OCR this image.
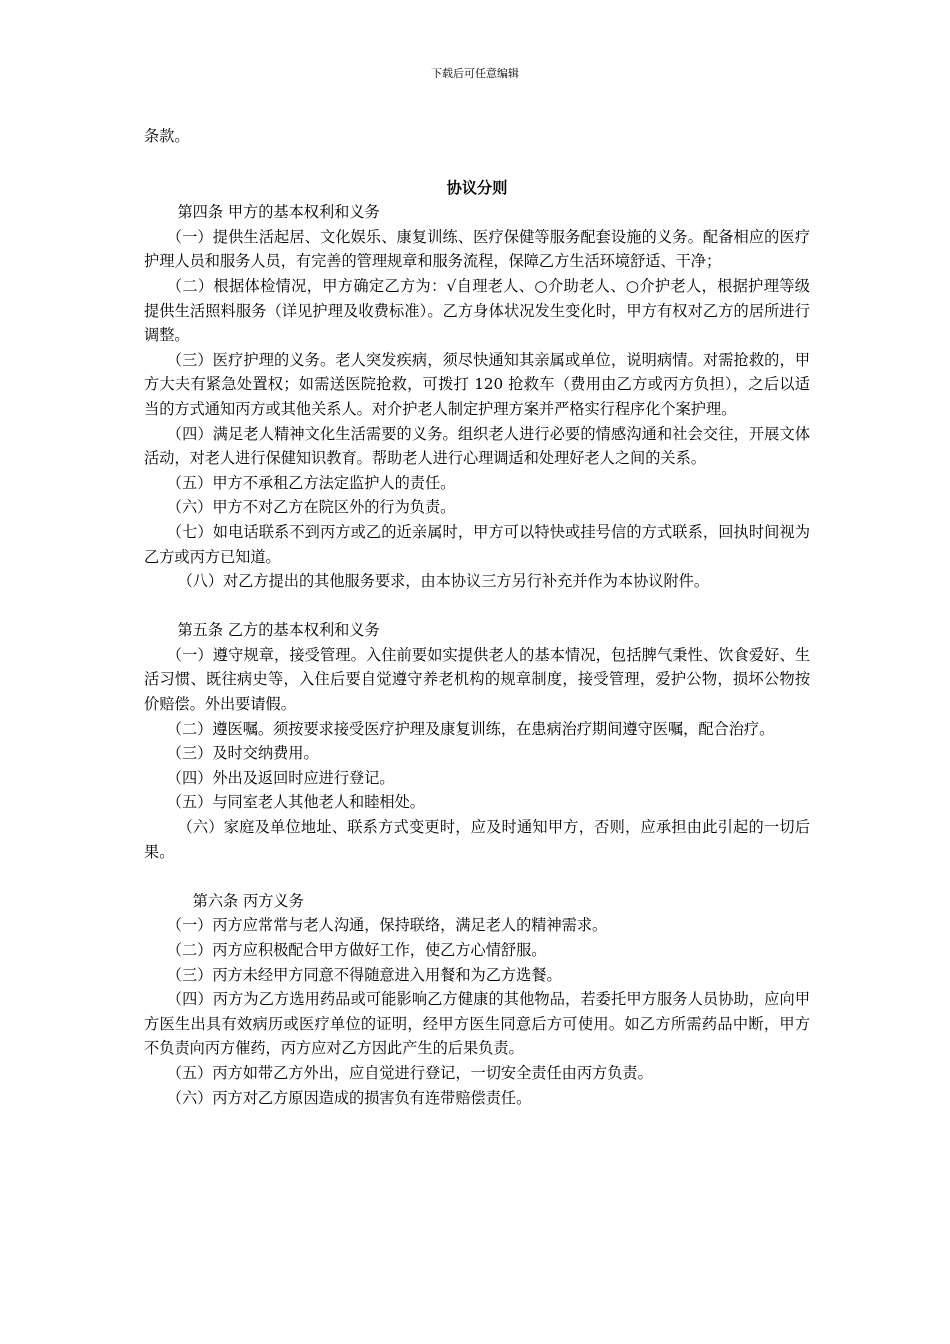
下载后可任意编辑

条款。

协议分则

第四条 甲方的基本权利和义务

（一）提供生活起居、文化娱乐、康复训练、医疗保健等服务配套设施的义务。配备相应的医疗护理人员和服务人员，有完善的管理规章和服务流程，保障乙方生活环境舒适、干净；

（二）根据体检情况，甲方确定乙方为：√自理老人、○介助老人、○介护老人，根据护理等级提供生活照料服务（详见护理及收费标准）。乙方身体状况发生变化时，甲方有权对乙方的居所进行调整。

（三）医疗护理的义务。老人突发疾病，须尽快通知其亲属或单位，说明病情。对需抢救的，甲方大夫有紧急处置权；如需送医院抢救，可拨打 120 抢救车（费用由乙方或丙方负担），之后以适当的方式通知丙方或其他关系人。对介护老人制定护理方案并严格实行程序化个案护理。

（四）满足老人精神文化生活需要的义务。组织老人进行必要的情感沟通和社会交往，开展文体活动，对老人进行保健知识教育。帮助老人进行心理调适和处理好老人之间的关系。

（五）甲方不承租乙方法定监护人的责任。

（六）甲方不对乙方在院区外的行为负责。

（七）如电话联系不到丙方或乙的近亲属时，甲方可以特快或挂号信的方式联系，回执时间视为乙方或丙方已知道。

（八）对乙方提出的其他服务要求，由本协议三方另行补充并作为本协议附件。

第五条 乙方的基本权利和义务

（一）遵守规章，接受管理。入住前要如实提供老人的基本情况，包括脾气秉性、饮食爱好、生活习惯、既往病史等，入住后要自觉遵守养老机构的规章制度，接受管理，爱护公物，损坏公物按价赔偿。外出要请假。

（二）遵医嘱。须按要求接受医疗护理及康复训练，在患病治疗期间遵守医嘱，配合治疗。

（三）及时交纳费用。

（四）外出及返回时应进行登记。

（五）与同室老人其他老人和睦相处。

（六）家庭及单位地址、联系方式变更时，应及时通知甲方，否则，应承担由此引起的一切后果。

第六条 丙方义务

（一）丙方应常常与老人沟通，保持联络，满足老人的精神需求。

（二）丙方应积极配合甲方做好工作，使乙方心情舒服。

（三）丙方未经甲方同意不得随意进入用餐和为乙方选餐。

（四）丙方为乙方选用药品或可能影响乙方健康的其他物品，若委托甲方服务人员协助，应向甲方医生出具有效病历或医疗单位的证明，经甲方医生同意后方可使用。如乙方所需药品中断，甲方不负责向丙方催药，丙方应对乙方因此产生的后果负责。

（五）丙方如带乙方外出，应自觉进行登记，一切安全责任由丙方负责。

（六）丙方对乙方原因造成的损害负有连带赔偿责任。
